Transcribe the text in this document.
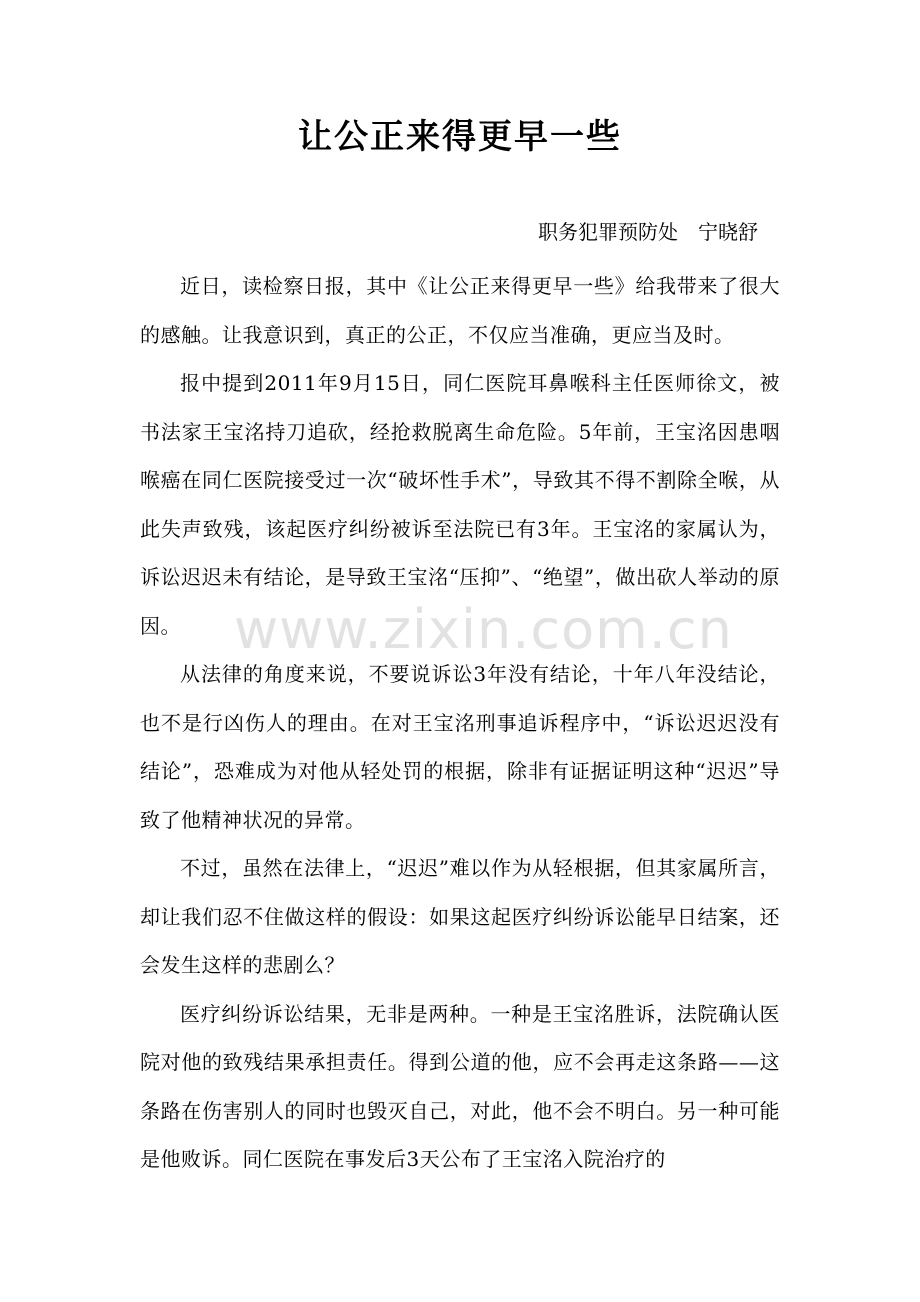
让公正来得更早一些
职务犯罪预防处 宁晓舒

近日，读检察日报，其中《让公正来得更早一些》给我带来了很大的感触。让我意识到，真正的公正，不仅应当准确，更应当及时。

报中提到2011年9月15日，同仁医院耳鼻喉科主任医师徐文，被书法家王宝洺持刀追砍，经抢救脱离生命危险。5年前，王宝洺因患咽喉癌在同仁医院接受过一次“破坏性手术”，导致其不得不割除全喉，从此失声致残，该起医疗纠纷被诉至法院已有3年。王宝洺的家属认为，诉讼迟迟未有结论，是导致王宝洺“压抑”、“绝望”，做出砍人举动的原因。

从法律的角度来说，不要说诉讼3年没有结论，十年八年没结论，也不是行凶伤人的理由。在对王宝洺刑事追诉程序中，“诉讼迟迟没有结论”，恐难成为对他从轻处罚的根据，除非有证据证明这种“迟迟”导致了他精神状况的异常。

不过，虽然在法律上，“迟迟”难以作为从轻根据，但其家属所言，却让我们忍不住做这样的假设：如果这起医疗纠纷诉讼能早日结案，还会发生这样的悲剧么？

医疗纠纷诉讼结果，无非是两种。一种是王宝洺胜诉，法院确认医院对他的致残结果承担责任。得到公道的他，应不会再走这条路——这条路在伤害别人的同时也毁灭自己，对此，他不会不明白。另一种可能是他败诉。同仁医院在事发后3天公布了王宝洺入院治疗的

www.zixin.com.cn
